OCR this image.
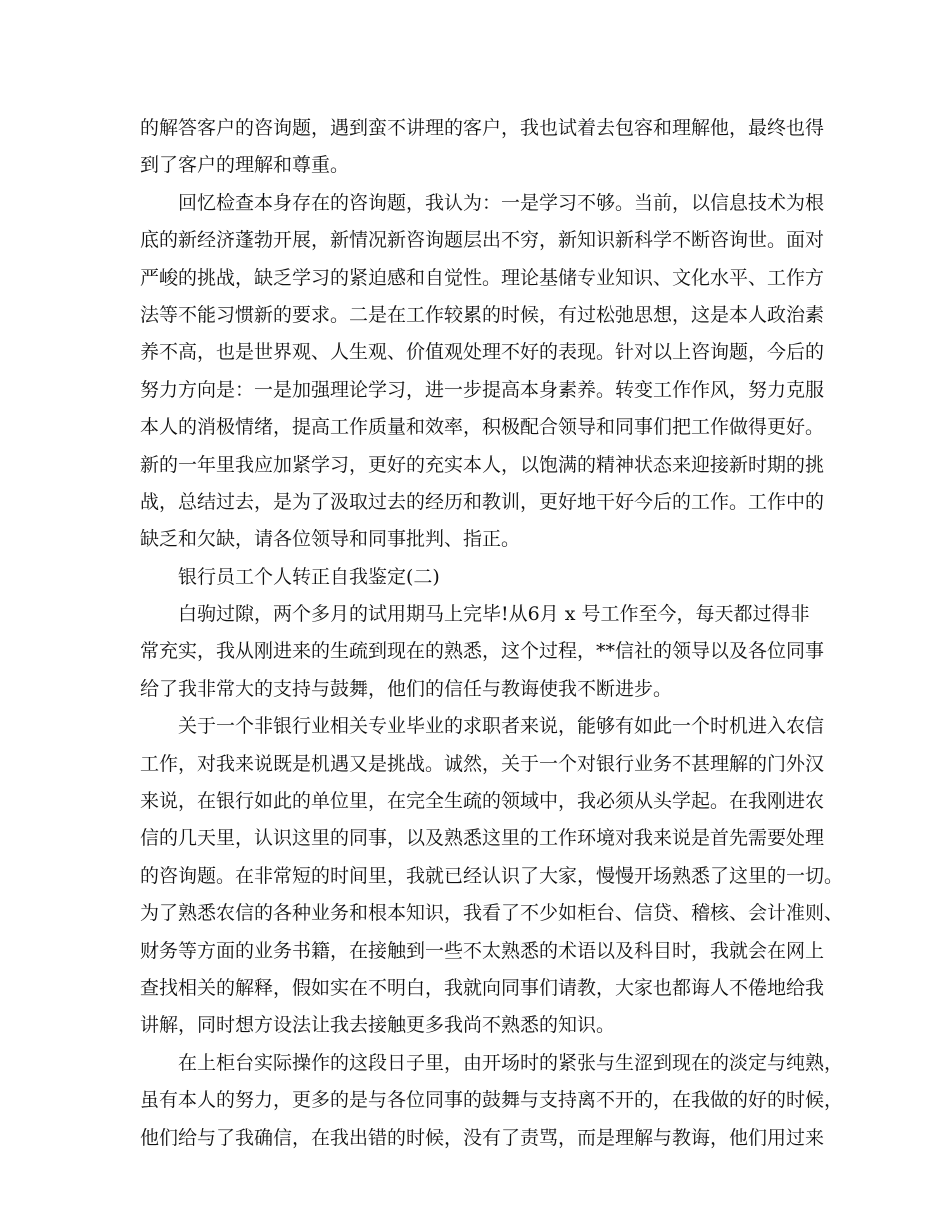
的解答客户的咨询题，遇到蛮不讲理的客户，我也试着去包容和理解他，最终也得
到了客户的理解和尊重。
回忆检查本身存在的咨询题，我认为：一是学习不够。当前，以信息技术为根
底的新经济蓬勃开展，新情况新咨询题层出不穷，新知识新科学不断咨询世。面对
严峻的挑战，缺乏学习的紧迫感和自觉性。理论基储专业知识、文化水平、工作方
法等不能习惯新的要求。二是在工作较累的时候，有过松弛思想，这是本人政治素
养不高，也是世界观、人生观、价值观处理不好的表现。针对以上咨询题，今后的
努力方向是：一是加强理论学习，进一步提高本身素养。转变工作作风，努力克服
本人的消极情绪，提高工作质量和效率，积极配合领导和同事们把工作做得更好。
新的一年里我应加紧学习，更好的充实本人，以饱满的精神状态来迎接新时期的挑
战，总结过去，是为了汲取过去的经历和教训，更好地干好今后的工作。工作中的
缺乏和欠缺，请各位领导和同事批判、指正。
银行员工个人转正自我鉴定(二)
白驹过隙，两个多月的试用期马上完毕!从6月 x 号工作至今，每天都过得非
常充实，我从刚进来的生疏到现在的熟悉，这个过程，**信社的领导以及各位同事
给了我非常大的支持与鼓舞，他们的信任与教诲使我不断进步。
关于一个非银行业相关专业毕业的求职者来说，能够有如此一个时机进入农信
工作，对我来说既是机遇又是挑战。诚然，关于一个对银行业务不甚理解的门外汉
来说，在银行如此的单位里，在完全生疏的领域中，我必须从头学起。在我刚进农
信的几天里，认识这里的同事，以及熟悉这里的工作环境对我来说是首先需要处理
的咨询题。在非常短的时间里，我就已经认识了大家，慢慢开场熟悉了这里的一切。
为了熟悉农信的各种业务和根本知识，我看了不少如柜台、信贷、稽核、会计准则、
财务等方面的业务书籍，在接触到一些不太熟悉的术语以及科目时，我就会在网上
查找相关的解释，假如实在不明白，我就向同事们请教，大家也都诲人不倦地给我
讲解，同时想方设法让我去接触更多我尚不熟悉的知识。
在上柜台实际操作的这段日子里，由开场时的紧张与生涩到现在的淡定与纯熟，
虽有本人的努力，更多的是与各位同事的鼓舞与支持离不开的，在我做的好的时候，
他们给与了我确信，在我出错的时候，没有了责骂，而是理解与教诲，他们用过来
